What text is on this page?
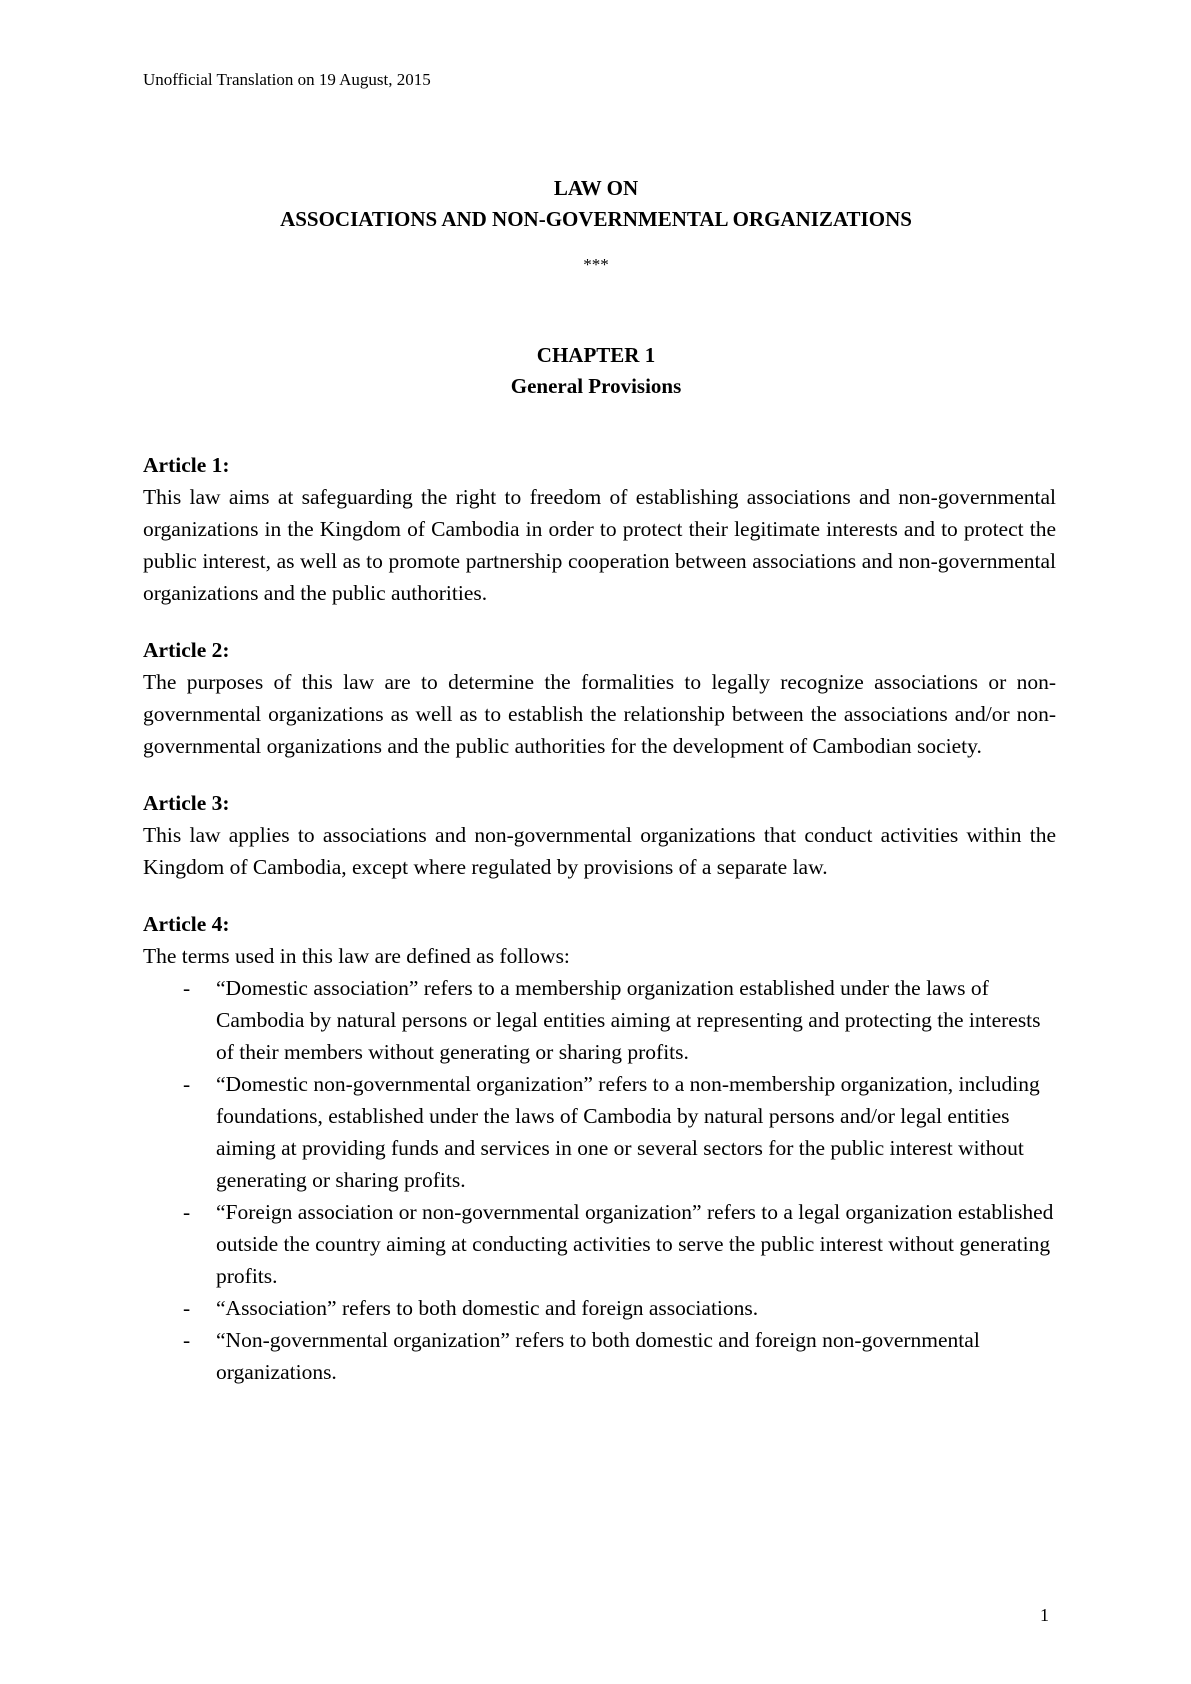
Unofficial Translation on 19 August, 2015
LAW ON
ASSOCIATIONS AND NON-GOVERNMENTAL ORGANIZATIONS
***
CHAPTER 1
General Provisions
Article 1:
This law aims at safeguarding the right to freedom of establishing associations and non-governmental organizations in the Kingdom of Cambodia in order to protect their legitimate interests and to protect the public interest, as well as to promote partnership cooperation between associations and non-governmental organizations and the public authorities.
Article 2:
The purposes of this law are to determine the formalities to legally recognize associations or non-governmental organizations as well as to establish the relationship between the associations and/or non-governmental organizations and the public authorities for the development of Cambodian society.
Article 3:
This law applies to associations and non-governmental organizations that conduct activities within the Kingdom of Cambodia, except where regulated by provisions of a separate law.
Article 4:
The terms used in this law are defined as follows:
- “Domestic association” refers to a membership organization established under the laws of Cambodia by natural persons or legal entities aiming at representing and protecting the interests of their members without generating or sharing profits.
- “Domestic non-governmental organization” refers to a non-membership organization, including foundations, established under the laws of Cambodia by natural persons and/or legal entities aiming at providing funds and services in one or several sectors for the public interest without generating or sharing profits.
- “Foreign association or non-governmental organization” refers to a legal organization established outside the country aiming at conducting activities to serve the public interest without generating profits.
- “Association” refers to both domestic and foreign associations.
- “Non-governmental organization” refers to both domestic and foreign non-governmental organizations.
1
